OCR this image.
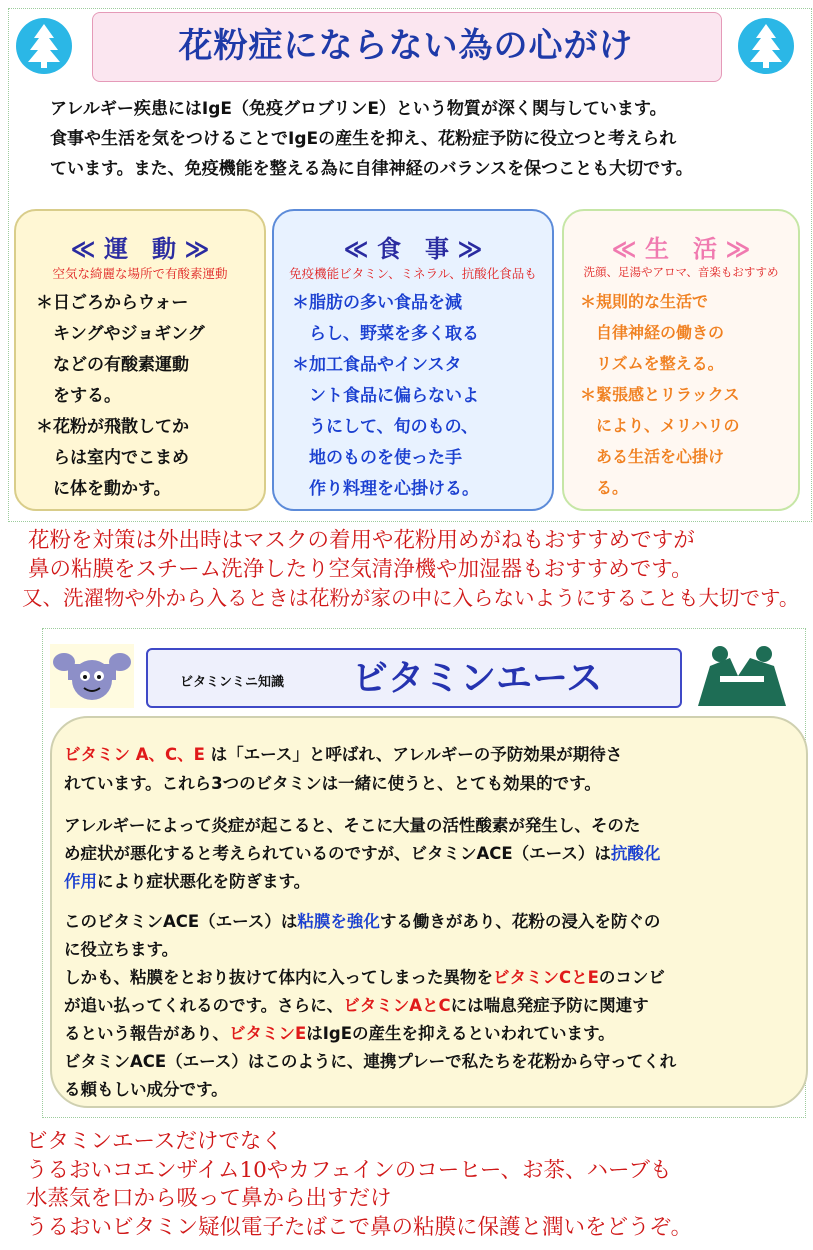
花粉症にならない為の心がけ
アレルギー疾患にはIgE（免疫グロブリンE）という物質が深く関与しています。
食事や生活を気をつけることでIgEの産生を抑え、花粉症予防に役立つと考えられ
ています。また、免疫機能を整える為に自律神経のバランスを保つことも大切です。
≪ 運　動 ≫
空気な綺麗な場所で有酸素運動
＊日ごろからウォー
　キングやジョギング
　などの有酸素運動
　をする。
＊花粉が飛散してか
　らは室内でこまめ
　に体を動かす。
≪ 食　事 ≫
免疫機能ビタミン、ミネラル、抗酸化食品も
＊脂肪の多い食品を減
　らし、野菜を多く取る
＊加工食品やインスタ
　ント食品に偏らないよ
　うにして、旬のもの、
　地のものを使った手
　作り料理を心掛ける。
≪ 生　活 ≫
洗顔、足湯やアロマ、音楽もおすすめ
＊規則的な生活で
　自律神経の働きの
　リズムを整える。
＊緊張感とリラックス
　により、メリハリの
　ある生活を心掛け
　る。
花粉を対策は外出時はマスクの着用や花粉用めがねもおすすめですが
鼻の粘膜をスチーム洗浄したり空気清浄機や加湿器もおすすめです。
又、洗濯物や外から入るときは花粉が家の中に入らないようにすることも大切です。
ビタミンミニ知識 ビタミンエース
ビタミン A、C、E は「エース」と呼ばれ、アレルギーの予防効果が期待さ
れています。これら3つのビタミンは一緒に使うと、とても効果的です。
アレルギーによって炎症が起こると、そこに大量の活性酸素が発生し、そのた
め症状が悪化すると考えられているのですが、ビタミンACE（エース）は抗酸化
作用により症状悪化を防ぎます。
このビタミンACE（エース）は粘膜を強化する働きがあり、花粉の浸入を防ぐの
に役立ちます。
しかも、粘膜をとおり抜けて体内に入ってしまった異物をビタミンCとEのコンビ
が追い払ってくれるのです。さらに、ビタミンAとCには喘息発症予防に関連す
るという報告があり、ビタミンEはIgEの産生を抑えるといわれています。
ビタミンACE（エース）はこのように、連携プレーで私たちを花粉から守ってくれ
る頼もしい成分です。
ビタミンエースだけでなく
うるおいコエンザイム10やカフェインのコーヒー、お茶、ハーブも
水蒸気を口から吸って鼻から出すだけ
うるおいビタミン疑似電子たばこで鼻の粘膜に保護と潤いをどうぞ。
